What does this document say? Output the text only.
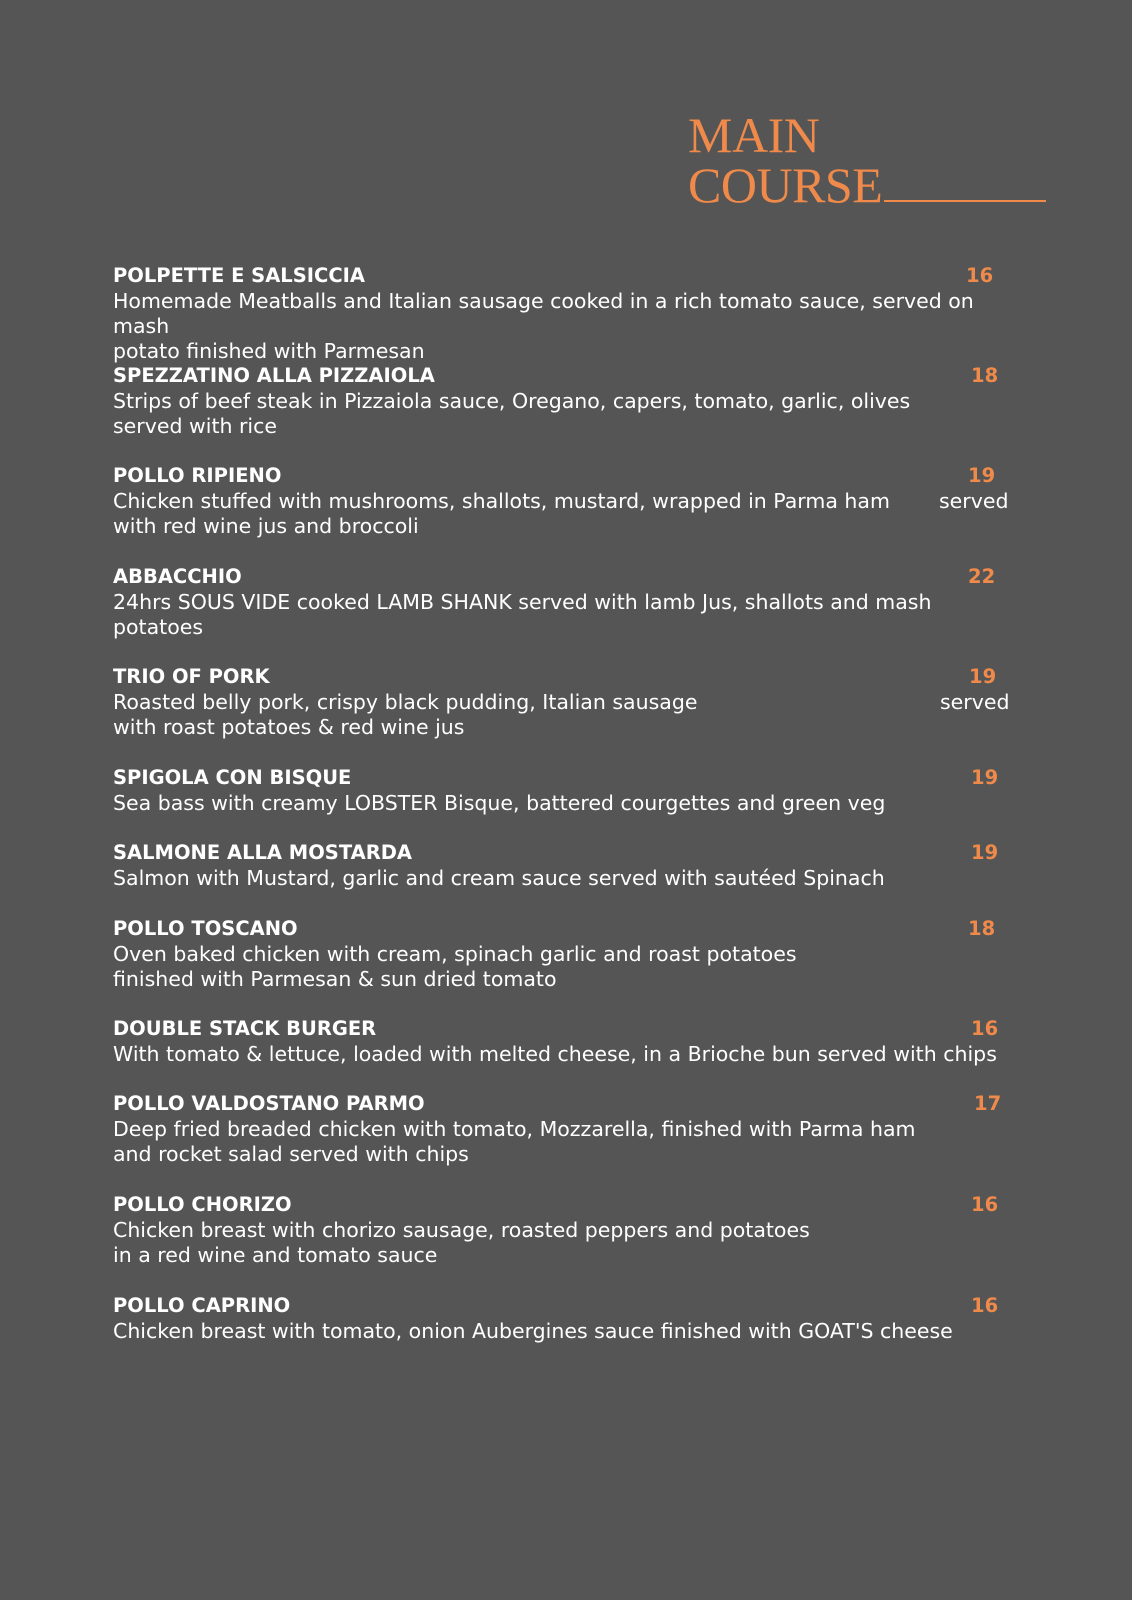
MAIN
COURSE
POLPETTE E SALSICCIA
Homemade Meatballs and Italian sausage cooked in a rich tomato sauce, served on mash
potato finished with Parmesan
16
SPEZZATINO ALLA PIZZAIOLA
Strips of beef steak in Pizzaiola sauce, Oregano, capers, tomato, garlic, olives
served with rice
18
POLLO RIPIENO
Chicken stuffed with mushrooms, shallots, mustard, wrapped in Parma ham
with red wine jus and broccoli
19
served
ABBACCHIO
24hrs SOUS VIDE cooked LAMB SHANK served with lamb Jus, shallots and mash
potatoes
22
TRIO OF PORK
Roasted belly pork, crispy black pudding, Italian sausage
with roast potatoes & red wine jus
19
served
SPIGOLA CON BISQUE
Sea bass with creamy LOBSTER Bisque, battered courgettes and green veg
19
SALMONE ALLA MOSTARDA
Salmon with Mustard, garlic and cream sauce served with sautéed Spinach
19
POLLO TOSCANO
Oven baked chicken with cream, spinach garlic and roast potatoes
finished with Parmesan & sun dried tomato
18
DOUBLE STACK BURGER
With tomato & lettuce, loaded with melted cheese, in a Brioche bun served with chips
16
POLLO VALDOSTANO PARMO
Deep fried breaded chicken with tomato, Mozzarella, finished with Parma ham
and rocket salad served with chips
17
POLLO CHORIZO
Chicken breast with chorizo sausage, roasted peppers and potatoes
in a red wine and tomato sauce
16
POLLO CAPRINO
Chicken breast with tomato, onion Aubergines sauce finished with GOAT'S cheese
16
